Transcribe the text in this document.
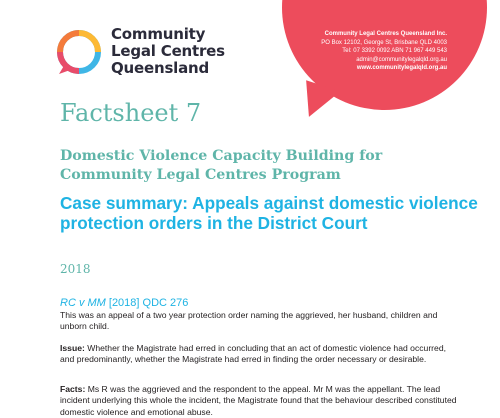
Community
Legal Centres
Queensland
Community Legal Centres Queensland Inc.
PO Box 12102, George St, Brisbane QLD 4003
Tel: 07 3392 0092 ABN 71 967 449 543
admin@communitylegalqld.org.au
www.communitylegalqld.org.au
Factsheet 7
Domestic Violence Capacity Building for Community Legal Centres Program
Case summary: Appeals against domestic violence protection orders in the District Court
2018
RC v MM [2018] QDC 276
This was an appeal of a two year protection order naming the aggrieved, her husband, children and unborn child.
Issue: Whether the Magistrate had erred in concluding that an act of domestic violence had occurred, and predominantly, whether the Magistrate had erred in finding the order necessary or desirable.
Facts: Ms R was the aggrieved and the respondent to the appeal. Mr M was the appellant. The lead incident underlying this whole the incident, the Magistrate found that the behaviour described constituted domestic violence and emotional abuse.
